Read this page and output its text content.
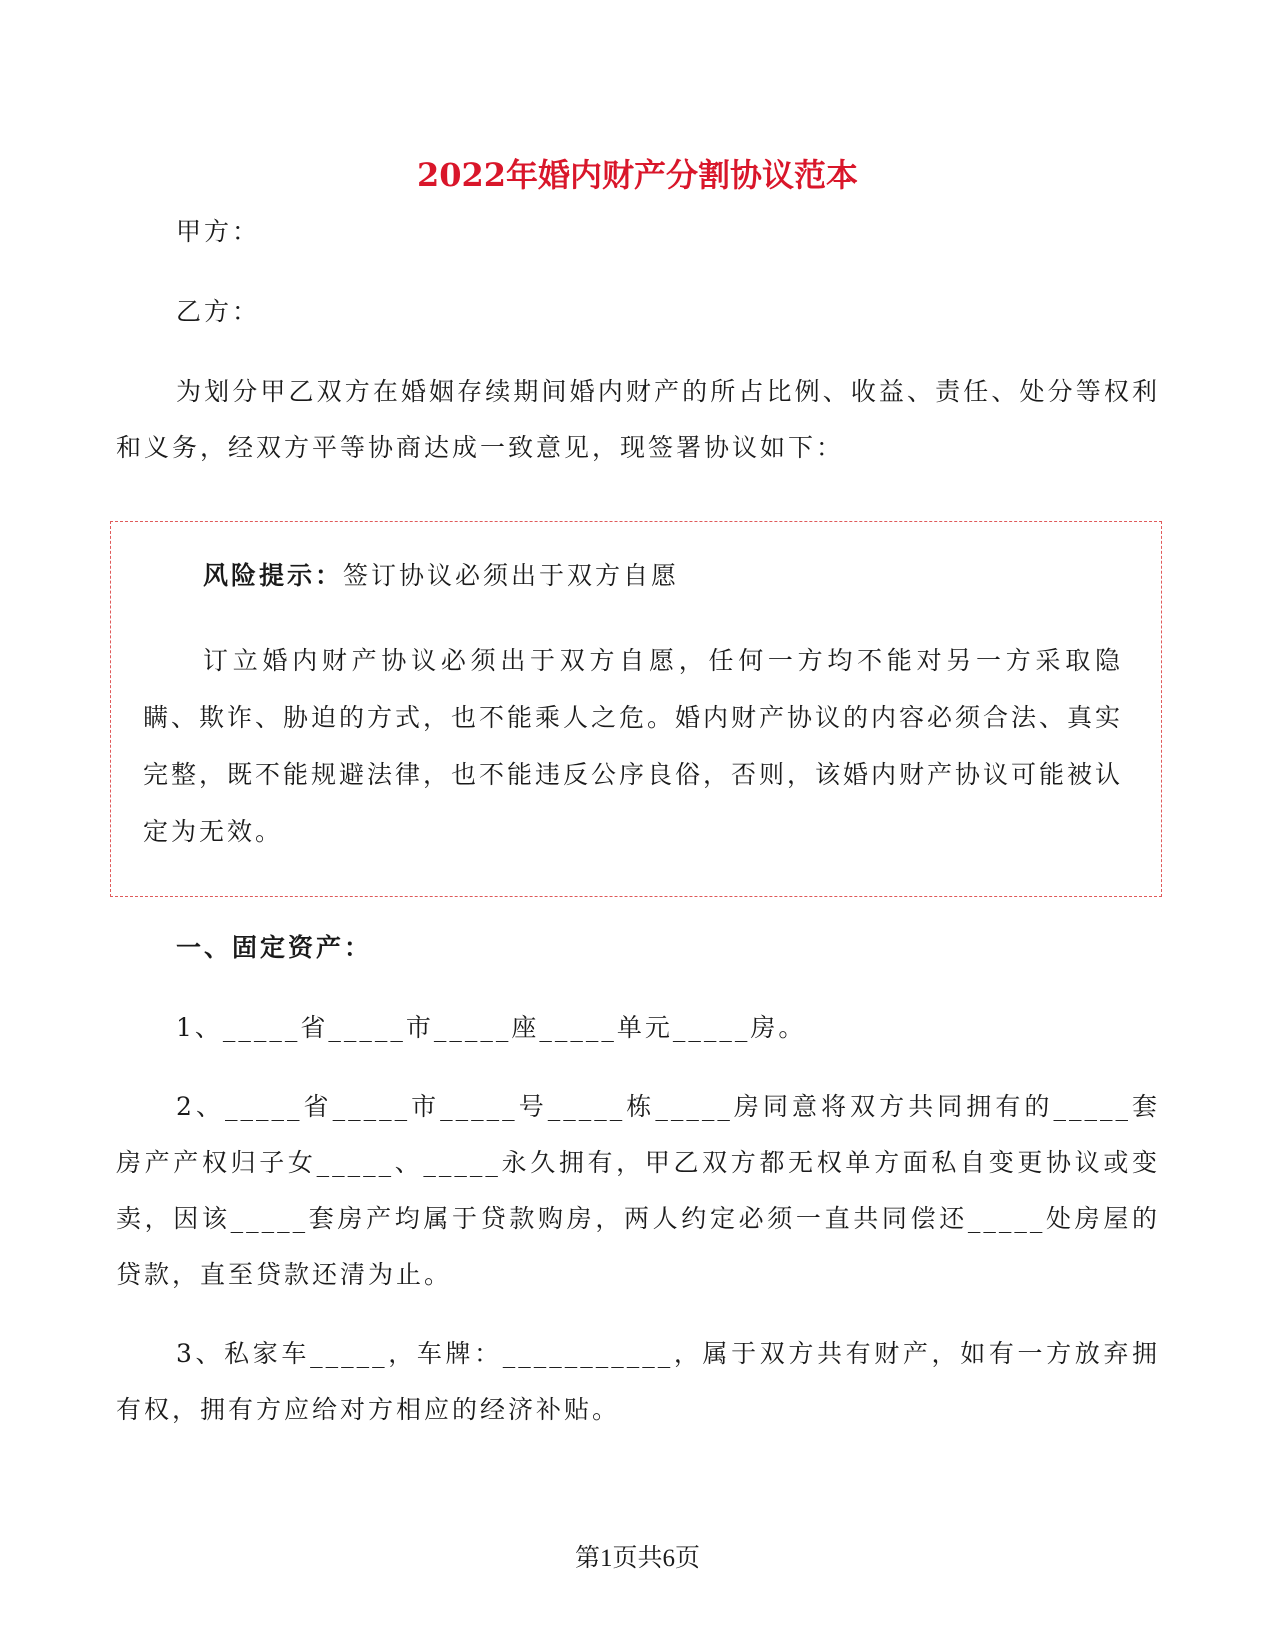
2022年婚内财产分割协议范本
甲方：
乙方：

为划分甲乙双方在婚姻存续期间婚内财产的所占比例、收益、责任、处分等权利和义务，经双方平等协商达成一致意见，现签署协议如下：

风险提示：签订协议必须出于双方自愿

订立婚内财产协议必须出于双方自愿，任何一方均不能对另一方采取隐瞒、欺诈、胁迫的方式，也不能乘人之危。婚内财产协议的内容必须合法、真实完整，既不能规避法律，也不能违反公序良俗，否则，该婚内财产协议可能被认定为无效。

一、固定资产：

1、_____省_____市_____座_____单元_____房。

2、_____省_____市_____号_____栋_____房同意将双方共同拥有的_____套房产产权归子女_____、_____永久拥有，甲乙双方都无权单方面私自变更协议或变卖，因该_____套房产均属于贷款购房，两人约定必须一直共同偿还_____处房屋的贷款，直至贷款还清为止。

3、私家车_____，车牌：___________，属于双方共有财产，如有一方放弃拥有权，拥有方应给对方相应的经济补贴。

第1页共6页
